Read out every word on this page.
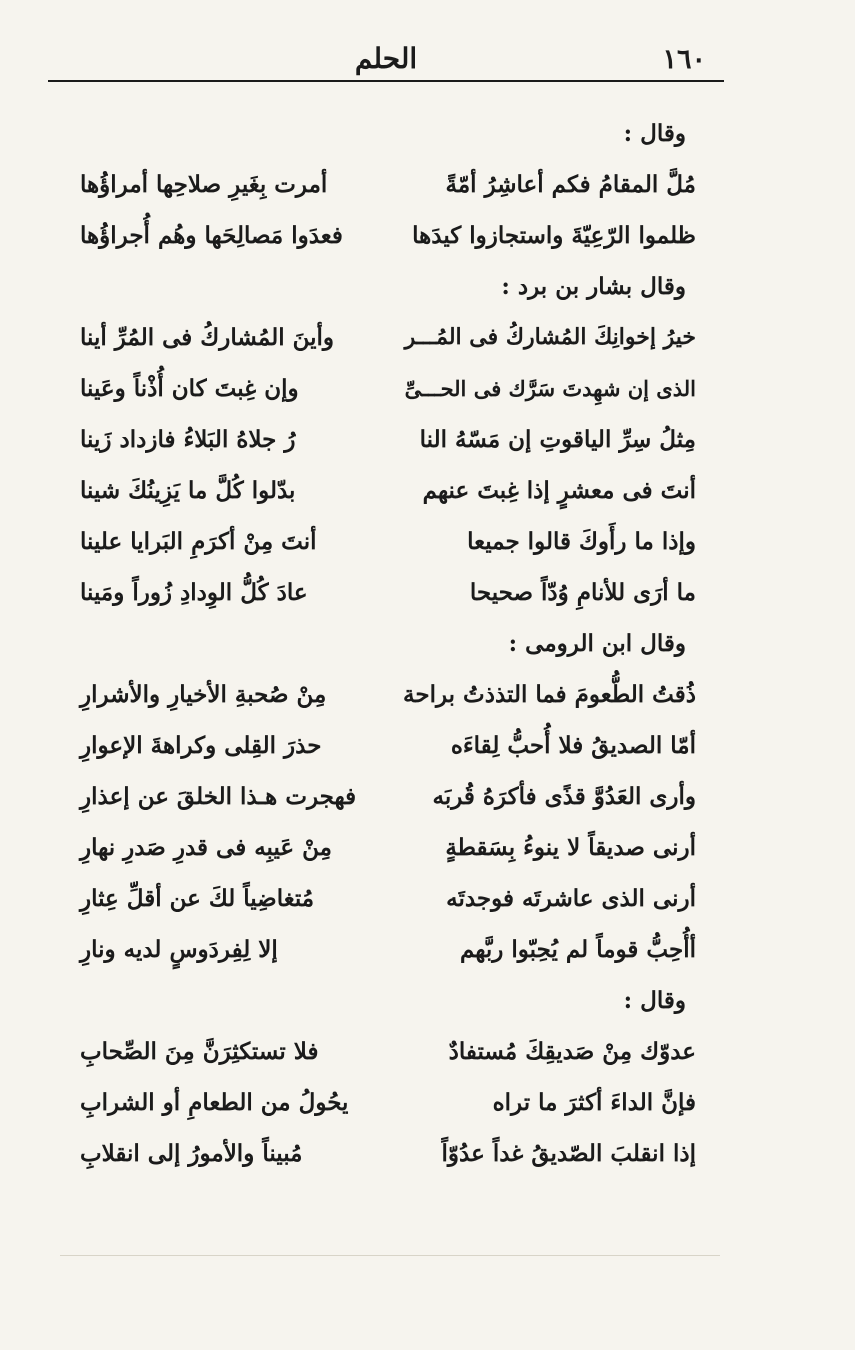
الحلم	١٦٠
وقال :
مُلَّ المقامُ فكم أعاشِرُ أمّةً
أمرت بِغَيرِ صلاحِها أمراؤُها
ظلموا الرّعِيّةَ واستجازوا كيدَها
فعدَوا مَصالِحَها وهُم أُجراؤُها
وقال بشار بن برد :
خيرُ إخوانِكَ المُشاركُ فى المُـــر
وأينَ المُشاركُ فى المُرِّ أينا
الذى إن شهِدتَ سَرَّك فى الحـــىِّ
وإن غِبتَ كان أُذْناً وعَينا
مِثلُ سِرِّ الياقوتِ إن مَسّهُ النا
رُ جلاهُ البَلاءُ فازداد زَينا
أنتَ فى معشرٍ إذا غِبتَ عنهم
بدّلوا كُلَّ ما يَزِينُكَ شينا
وإذا ما رأَوكَ قالوا جميعا
أنتَ مِنْ أكرَمِ البَرايا علينا
ما أرَى للأنامِ وُدّاً صحيحا
عادَ كُلُّ الوِدادِ زُوراً ومَينا
وقال ابن الرومى :
ذُقتُ الطُّعومَ فما التذذتُ براحة
مِنْ صُحبةِ الأخيارِ والأشرارِ
أمّا الصديقُ فلا أُحبُّ لِقاءَه
حذرَ القِلى وكراهةَ الإعوارِ
وأرى العَدُوَّ قذًى فأكرَهُ قُربَه
فهجرت هـذا الخلقَ عن إعذارِ
أرنى صديقاً لا ينوءُ بِسَقطةٍ
مِنْ عَيبِه فى قدرِ صَدرِ نهارِ
أرنى الذى عاشرتَه فوجدتَه
مُتغاضِياً لكَ عن أقلِّ عِثارِ
أأُحِبُّ قوماً لم يُحِبّوا ربَّهم
إلا لِفِردَوسٍ لديه ونارِ
وقال :
عدوّك مِنْ صَديقِكَ مُستفادٌ
فلا تستكثِرَنَّ مِنَ الصِّحابِ
فإنَّ الداءَ أكثرَ ما تراه
يحُولُ من الطعامِ أو الشرابِ
إذا انقلبَ الصّديقُ غداً عدُوّاً
مُبيناً والأمورُ إلى انقلابِ
